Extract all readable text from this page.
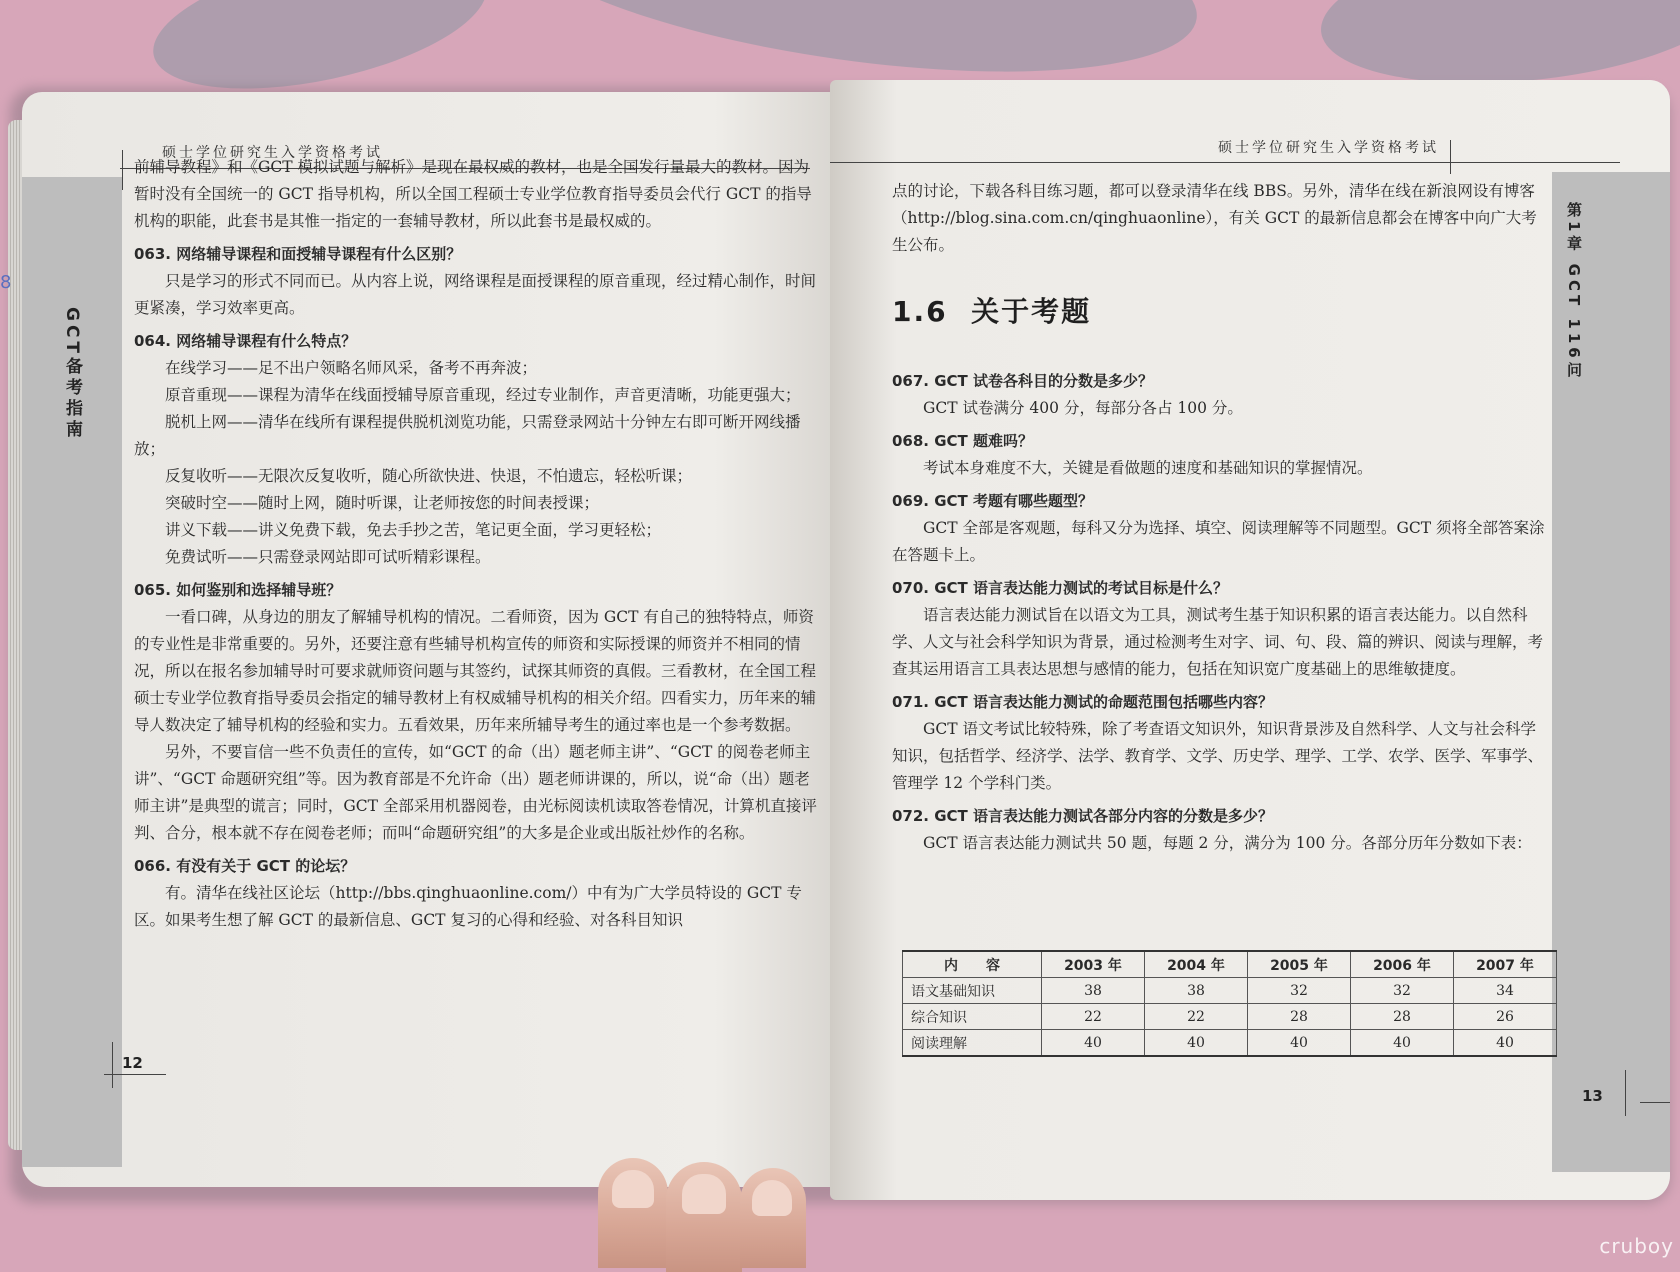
8
硕士学位研究生入学资格考试
GCT备考指南

前辅导教程》和《GCT 模拟试题与解析》是现在最权威的教材，也是全国发行量最大的教材。因为暂时没有全国统一的 GCT 指导机构，所以全国工程硕士专业学位教育指导委员会代行 GCT 的指导机构的职能，此套书是其惟一指定的一套辅导教材，所以此套书是最权威的。

063. 网络辅导课程和面授辅导课程有什么区别？

只是学习的形式不同而已。从内容上说，网络课程是面授课程的原音重现，经过精心制作，时间更紧凑，学习效率更高。

064. 网络辅导课程有什么特点？

在线学习——足不出户领略名师风采，备考不再奔波；

原音重现——课程为清华在线面授辅导原音重现，经过专业制作，声音更清晰，功能更强大；

脱机上网——清华在线所有课程提供脱机浏览功能，只需登录网站十分钟左右即可断开网线播放；

反复收听——无限次反复收听，随心所欲快进、快退，不怕遗忘，轻松听课；

突破时空——随时上网，随时听课，让老师按您的时间表授课；

讲义下载——讲义免费下载，免去手抄之苦，笔记更全面，学习更轻松；

免费试听——只需登录网站即可试听精彩课程。

065. 如何鉴别和选择辅导班？

一看口碑，从身边的朋友了解辅导机构的情况。二看师资，因为 GCT 有自己的独特特点，师资的专业性是非常重要的。另外，还要注意有些辅导机构宣传的师资和实际授课的师资并不相同的情况，所以在报名参加辅导时可要求就师资问题与其签约，试探其师资的真假。三看教材，在全国工程硕士专业学位教育指导委员会指定的辅导教材上有权威辅导机构的相关介绍。四看实力，历年来的辅导人数决定了辅导机构的经验和实力。五看效果，历年来所辅导考生的通过率也是一个参考数据。

另外，不要盲信一些不负责任的宣传，如“GCT 的命（出）题老师主讲”、“GCT 的阅卷老师主讲”、“GCT 命题研究组”等。因为教育部是不允许命（出）题老师讲课的，所以，说“命（出）题老师主讲”是典型的谎言；同时，GCT 全部采用机器阅卷，由光标阅读机读取答卷情况，计算机直接评判、合分，根本就不存在阅卷老师；而叫“命题研究组”的大多是企业或出版社炒作的名称。

066. 有没有关于 GCT 的论坛？

有。清华在线社区论坛（http://bbs.qinghuaonline.com/）中有为广大学员特设的 GCT 专区。如果考生想了解 GCT 的最新信息、GCT 复习的心得和经验、对各科目知识

12
硕士学位研究生入学资格考试
第1章 GCT 116问

点的讨论，下载各科目练习题，都可以登录清华在线 BBS。另外，清华在线在新浪网设有博客（http://blog.sina.com.cn/qinghuaonline），有关 GCT 的最新信息都会在博客中向广大考生公布。

1.6 关于考题

067. GCT 试卷各科目的分数是多少？

GCT 试卷满分 400 分，每部分各占 100 分。

068. GCT 题难吗？

考试本身难度不大，关键是看做题的速度和基础知识的掌握情况。

069. GCT 考题有哪些题型？

GCT 全部是客观题，每科又分为选择、填空、阅读理解等不同题型。GCT 须将全部答案涂在答题卡上。

070. GCT 语言表达能力测试的考试目标是什么？

语言表达能力测试旨在以语文为工具，测试考生基于知识积累的语言表达能力。以自然科学、人文与社会科学知识为背景，通过检测考生对字、词、句、段、篇的辨识、阅读与理解，考查其运用语言工具表达思想与感情的能力，包括在知识宽广度基础上的思维敏捷度。

071. GCT 语言表达能力测试的命题范围包括哪些内容？

GCT 语文考试比较特殊，除了考查语文知识外，知识背景涉及自然科学、人文与社会科学知识，包括哲学、经济学、法学、教育学、文学、历史学、理学、工学、农学、医学、军事学、管理学 12 个学科门类。

072. GCT 语言表达能力测试各部分内容的分数是多少？

GCT 语言表达能力测试共 50 题，每题 2 分，满分为 100 分。各部分历年分数如下表：

内　　容	2003 年	2004 年	2005 年	2006 年	2007 年
语文基础知识	38	38	32	32	34
综合知识	22	22	28	28	26
阅读理解	40	40	40	40	40
13
cruboy
